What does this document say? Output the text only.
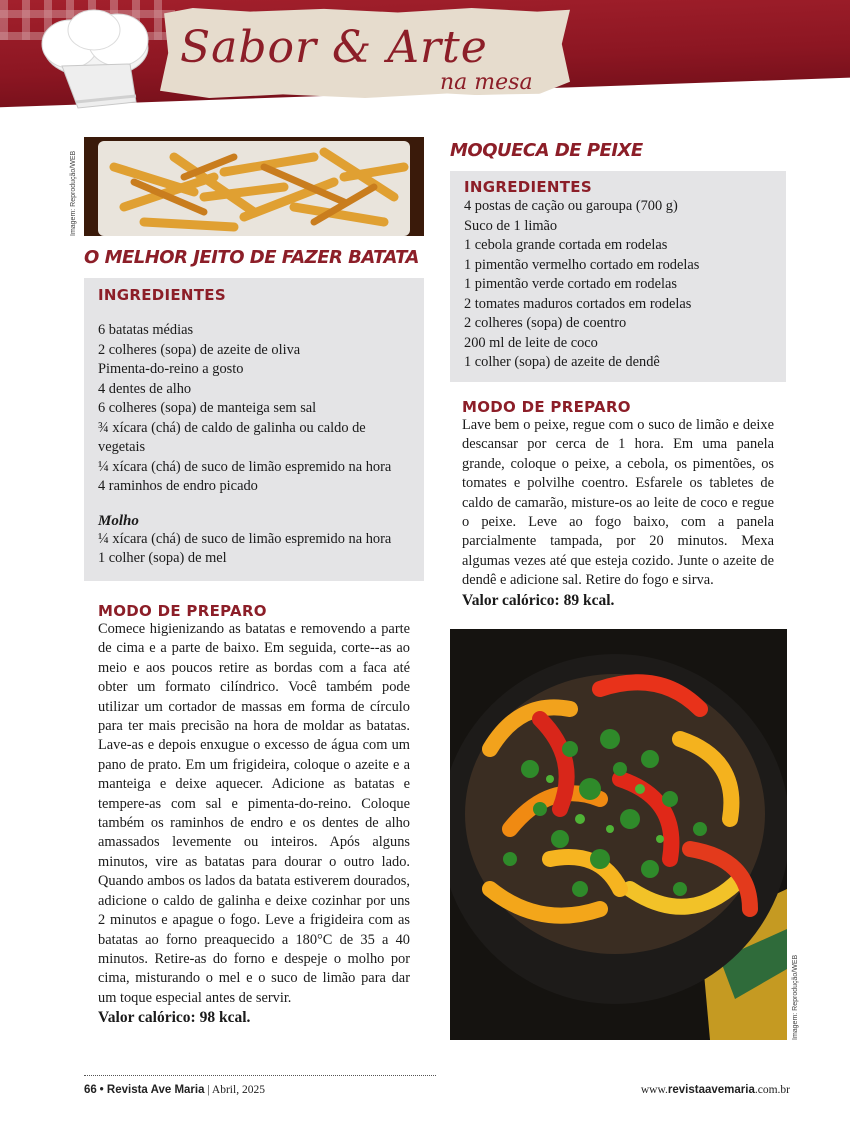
Sabor & Arte
na mesa
Imagem: Reprodução/WEB
O MELHOR JEITO DE FAZER BATATA
INGREDIENTES
6 batatas médias
2 colheres (sopa) de azeite de oliva
Pimenta-do-reino a gosto
4 dentes de alho
6 colheres (sopa) de manteiga sem sal
¾ xícara (chá) de caldo de galinha ou caldo de
vegetais
¼ xícara (chá) de suco de limão espremido na hora
4 raminhos de endro picado
Molho
¼ xícara (chá) de suco de limão espremido na hora
1 colher (sopa) de mel
MODO DE PREPARO
Comece higienizando as batatas e removendo a parte de cima e a parte de baixo. Em seguida, corte--as ao meio e aos poucos retire as bordas com a faca até obter um formato cilíndrico. Você também pode utilizar um cortador de massas em forma de círculo para ter mais precisão na hora de moldar as batatas. Lave-as e depois enxugue o excesso de água com um pano de prato. Em um frigideira, coloque o azeite e a manteiga e deixe aquecer. Adicione as batatas e tempere-as com sal e pimenta-do-reino. Coloque também os raminhos de endro e os dentes de alho amassados levemente ou inteiros. Após alguns minutos, vire as batatas para dourar o outro lado. Quando ambos os lados da batata estiverem dourados, adicione o caldo de galinha e deixe cozinhar por uns 2 minutos e apague o fogo. Leve a frigideira com as batatas ao forno preaquecido a 180°C de 35 a 40 minutos. Retire-as do forno e despeje o molho por cima, misturando o mel e o suco de limão para dar um toque especial antes de servir.
Valor calórico: 98 kcal.
MOQUECA DE PEIXE
INGREDIENTES
4 postas de cação ou garoupa (700 g)
Suco de 1 limão
1 cebola grande cortada em rodelas
1 pimentão vermelho cortado em rodelas
1 pimentão verde cortado em rodelas
2 tomates maduros cortados em rodelas
2 colheres (sopa) de coentro
200 ml de leite de coco
1 colher (sopa) de azeite de dendê
MODO DE PREPARO
Lave bem o peixe, regue com o suco de limão e deixe descansar por cerca de 1 hora. Em uma panela grande, coloque o peixe, a cebola, os pimentões, os tomates e polvilhe coentro. Esfarele os tabletes de caldo de camarão, misture-os ao leite de coco e regue o peixe. Leve ao fogo baixo, com a panela parcialmente tampada, por 20 minutos. Mexa algumas vezes até que esteja cozido. Junte o azeite de dendê e adicione sal. Retire do fogo e sirva.
Valor calórico: 89 kcal.
Imagem: Reprodução/WEB
66 • Revista Ave Maria | Abril, 2025	www.revistaavemaria.com.br
